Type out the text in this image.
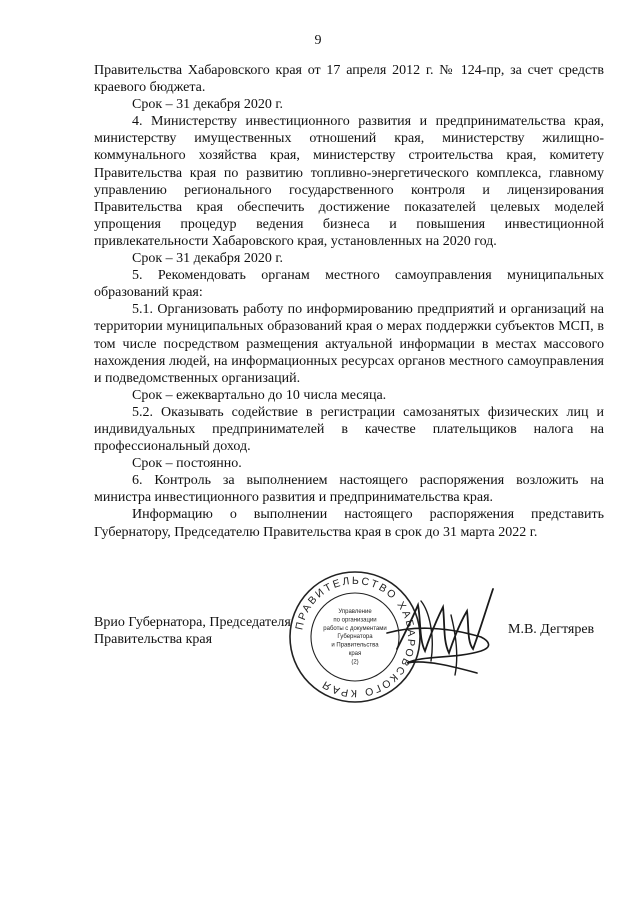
9

Правительства Хабаровского края от 17 апреля 2012 г. № 124-пр, за счет средств краевого бюджета.

Срок – 31 декабря 2020 г.

4. Министерству инвестиционного развития и предпринимательства края, министерству имущественных отношений края, министерству жилищно-коммунального хозяйства края, министерству строительства края, комитету Правительства края по развитию топливно-энергетического комплекса, главному управлению регионального государственного контроля и лицензирования Правительства края обеспечить достижение показателей целевых моделей упрощения процедур ведения бизнеса и повышения инвестиционной привлекательности Хабаровского края, установленных на 2020 год.

Срок – 31 декабря 2020 г.

5. Рекомендовать органам местного самоуправления муниципальных образований края:

5.1. Организовать работу по информированию предприятий и организаций на территории муниципальных образований края о мерах поддержки субъектов МСП, в том числе посредством размещения актуальной информации в местах массового нахождения людей, на информационных ресурсах органов местного самоуправления и подведомственных организаций.

Срок – ежеквартально до 10 числа месяца.

5.2. Оказывать содействие в регистрации самозанятых физических лиц и индивидуальных предпринимателей в качестве плательщиков налога на профессиональный доход.

Срок – постоянно.

6. Контроль за выполнением настоящего распоряжения возложить на министра инвестиционного развития и предпринимательства края.

Информацию о выполнении настоящего распоряжения представить Губернатору, Председателю Правительства края в срок до 31 марта 2022 г.

Врио Губернатора, Председателя
Правительства края
ПРАВИТЕЛЬСТВО ХАБАРОВСКОГО КРАЯ
Управление
по организации
работы с документами
Губернатора
и Правительства
края
(2)
М.В. Дегтярев
